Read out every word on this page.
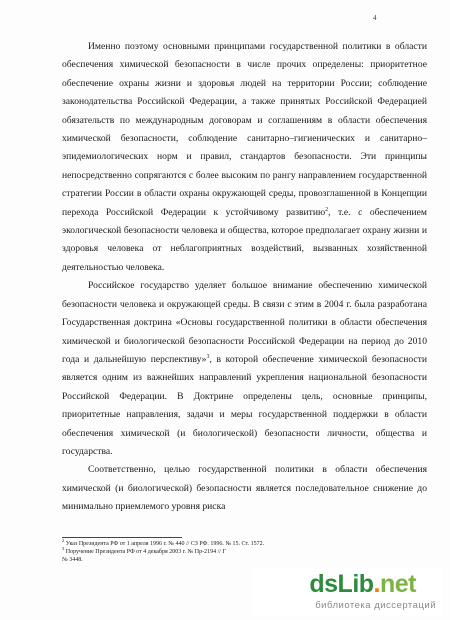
4

Именно поэтому основными принципами государственной политики в области обеспечения химической безопасности в числе прочих определены: приоритетное обеспечение охраны жизни и здоровья людей на территории России; соблюдение законодательства Российской Федерации, а также принятых Российской Федерацией обязательств по международным договорам и соглашениям в области обеспечения химической безопасности, соблюдение санитарно–гигиенических и санитарно–эпидемиологических норм и правил, стандартов безопасности. Эти принципы непосредственно сопрягаются с более высоким по рангу направлением государственной стратегии России в области охраны окружающей среды, провозглашенной в Концепции перехода Российской Федерации к устойчивому развитию$^2$, т.е. с обеспечением экологической безопасности человека и общества, которое предполагает охрану жизни и здоровья человека от неблагоприятных воздействий, вызванных хозяйственной деятельностью человека.

Российское государство уделяет большое внимание обеспечению химической безопасности человека и окружающей среды. В связи с этим в 2004 г. была разработана Государственная доктрина «Основы государственной политики в области обеспечения химической и биологической безопасности Российской Федерации на период до 2010 года и дальнейшую перспективу»$^3$, в которой обеспечение химической безопасности является одним из важнейших направлений укрепления национальной безопасности Российской Федерации. В Доктрине определены цель, основные принципы, приоритетные направления, задачи и меры государственной поддержки в области обеспечения химической (и биологической) безопасности личности, общества и государства.

Соответственно, целью государственной политики в области обеспечения химической (и биологической) безопасности является последовательное снижение до минимально приемлемого уровня риска

$^2$ Указ Президента РФ от 1 апреля 1996 г. № 440 // СЗ РФ. 1996. № 15. Ст. 1572.
$^3$ Поручение Президента РФ от 4 декабря 2003 г. № Пр-2194 // Г
№ 3448.
dsLib.net
библиотека диссертаций
